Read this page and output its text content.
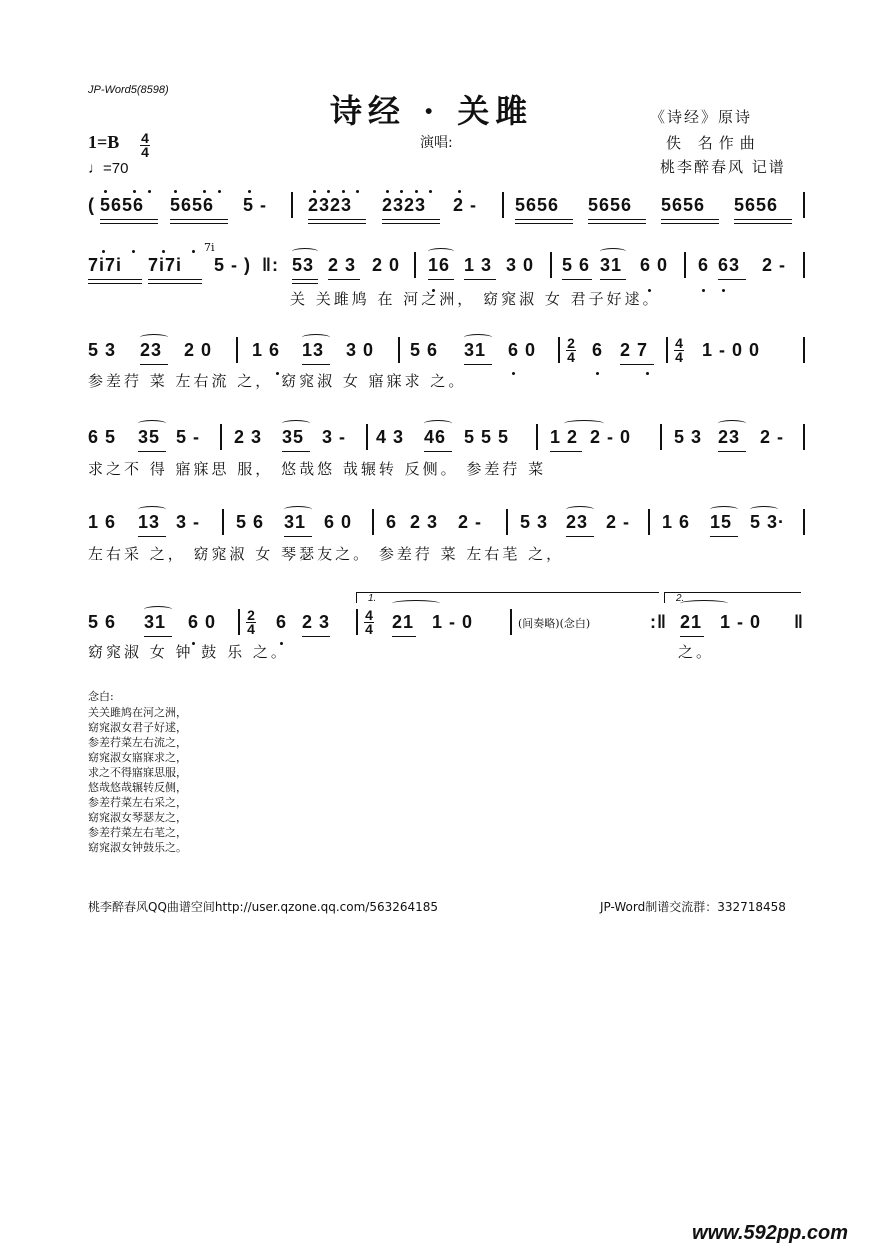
JP-Word5(8598)
诗经 · 关雎
演唱:
《诗经》原诗
佚 名作曲
桃李醉春风 记谱
1=B 4
4
♩=70
( 5656 5656 5 - 2323 2323 2 - 5656 5656 5656 5656
7i7i 7i7i
7i
5 - ) ‖: 53 2 3 2 0 16 1 3 3 0 5 6 31 6 0 6 63 2 -
关 关雎鸠 在 河之洲， 窈窕淑 女 君子好逑。
5 3 23 2 0 1 6 13 3 0 5 6 31 6 0 2
4 6 2 7 4
4 1 - 0 0
参差荇 菜 左右流 之， 窈窕淑 女 寤寐求 之。
6 5 35 5 - 2 3 35 3 - 4 3 46 5 5 5 1 2 2 - 0 5 3 23 2 -
求之不 得 寤寐思 服， 悠哉悠 哉辗转 反侧。 参差荇 菜
1 6 13 3 - 5 6 31 6 0 6 2 3 2 - 5 3 23 2 - 1 6 15 5 3·
左右采 之， 窈窕淑 女 琴瑟友之。 参差荇 菜 左右芼 之，
1.	2.
5 6 31 6 0 2
4 6 2 3	4
4 21 1 - 0	(间奏略)(念白)	:‖ 21 1 - 0 ‖
窈窕淑 女 钟 鼓 乐 之。	之。
念白:
关关雎鸠在河之洲，
窈窕淑女君子好逑，
参差荇菜左右流之，
窈窕淑女寤寐求之，
求之不得寤寐思服，
悠哉悠哉辗转反侧，
参差荇菜左右采之，
窈窕淑女琴瑟友之，
参差荇菜左右芼之，
窈窕淑女钟鼓乐之。
桃李醉春风QQ曲谱空间http://user.qzone.qq.com/563264185	JP-Word制谱交流群：332718458
www.592pp.com
